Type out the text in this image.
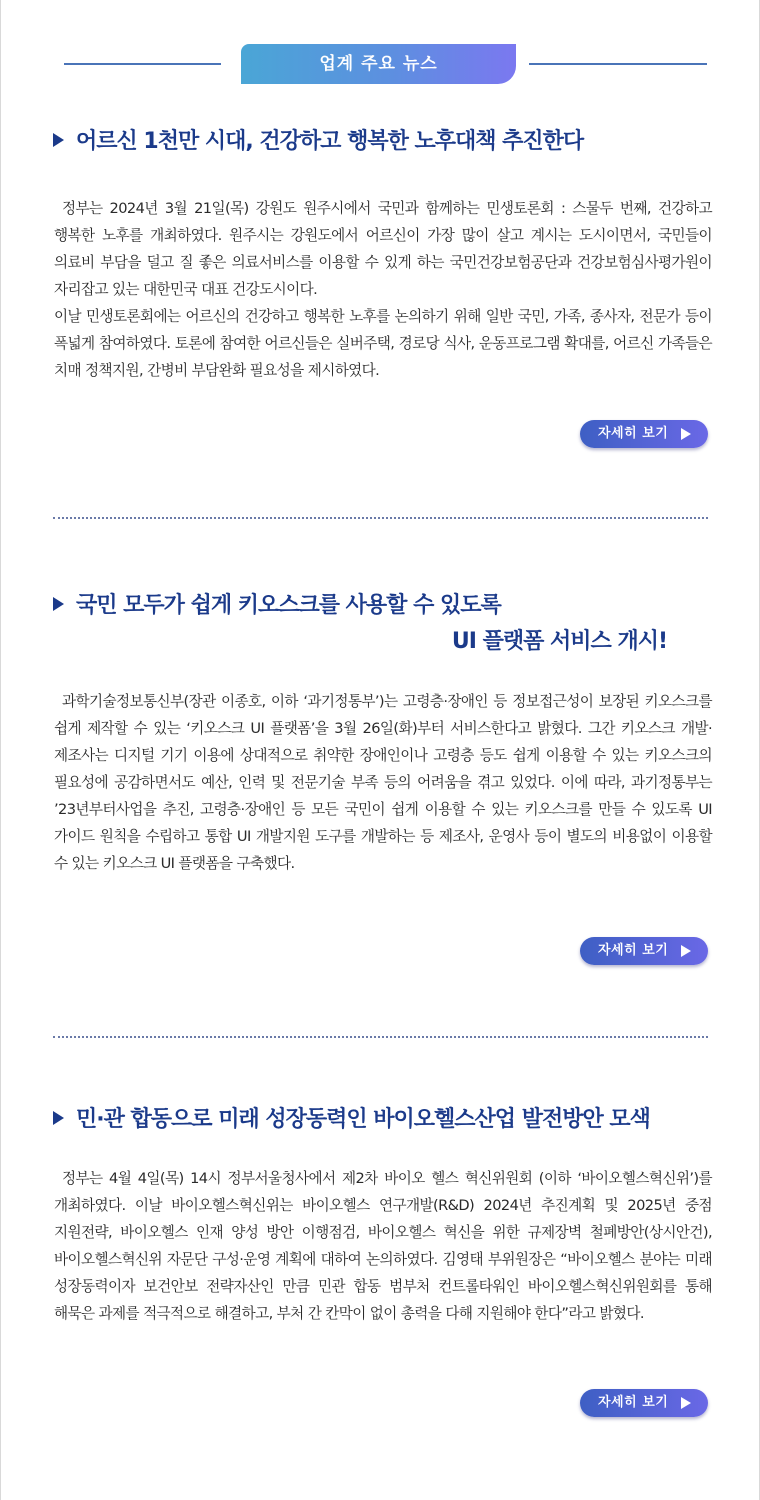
업계 주요 뉴스
어르신 1천만 시대, 건강하고 행복한 노후대책 추진한다

정부는 2024년 3월 21일(목) 강원도 원주시에서 국민과 함께하는 민생토론회 : 스물두 번째, 건강하고 행복한 노후를 개최하였다. 원주시는 강원도에서 어르신이 가장 많이 살고 계시는 도시이면서, 국민들이 의료비 부담을 덜고 질 좋은 의료서비스를 이용할 수 있게 하는 국민건강보험공단과 건강보험심사평가원이 자리잡고 있는 대한민국 대표 건강도시이다.

이날 민생토론회에는 어르신의 건강하고 행복한 노후를 논의하기 위해 일반 국민, 가족, 종사자, 전문가 등이 폭넓게 참여하였다. 토론에 참여한 어르신들은 실버주택, 경로당 식사, 운동프로그램 확대를, 어르신 가족들은 치매 정책지원, 간병비 부담완화 필요성을 제시하였다.

자세히 보기
국민 모두가 쉽게 키오스크를 사용할 수 있도록
UI 플랫폼 서비스 개시!

과학기술정보통신부(장관 이종호, 이하 ‘과기정통부’)는 고령층·장애인 등 정보접근성이 보장된 키오스크를 쉽게 제작할 수 있는 ‘키오스크 UI 플랫폼’을 3월 26일(화)부터 서비스한다고 밝혔다. 그간 키오스크 개발·제조사는 디지털 기기 이용에 상대적으로 취약한 장애인이나 고령층 등도 쉽게 이용할 수 있는 키오스크의 필요성에 공감하면서도 예산, 인력 및 전문기술 부족 등의 어려움을 겪고 있었다. 이에 따라, 과기정통부는 ’23년부터사업을 추진, 고령층·장애인 등 모든 국민이 쉽게 이용할 수 있는 키오스크를 만들 수 있도록 UI 가이드 원칙을 수립하고 통합 UI 개발지원 도구를 개발하는 등 제조사, 운영사 등이 별도의 비용없이 이용할 수 있는 키오스크 UI 플랫폼을 구축했다.

자세히 보기
민·관 합동으로 미래 성장동력인 바이오헬스산업 발전방안 모색

정부는 4월 4일(목) 14시 정부서울청사에서 제2차 바이오 헬스 혁신위원회 (이하 ‘바이오헬스혁신위’)를 개최하였다. 이날 바이오헬스혁신위는 바이오헬스 연구개발(R&D) 2024년 추진계획 및 2025년 중점 지원전략, 바이오헬스 인재 양성 방안 이행점검, 바이오헬스 혁신을 위한 규제장벽 철폐방안(상시안건), 바이오헬스혁신위 자문단 구성·운영 계획에 대하여 논의하였다. 김영태 부위원장은 “바이오헬스 분야는 미래 성장동력이자 보건안보 전략자산인 만큼 민관 합동 범부처 컨트롤타워인 바이오헬스혁신위원회를 통해 해묵은 과제를 적극적으로 해결하고, 부처 간 칸막이 없이 총력을 다해 지원해야 한다”라고 밝혔다.

자세히 보기
